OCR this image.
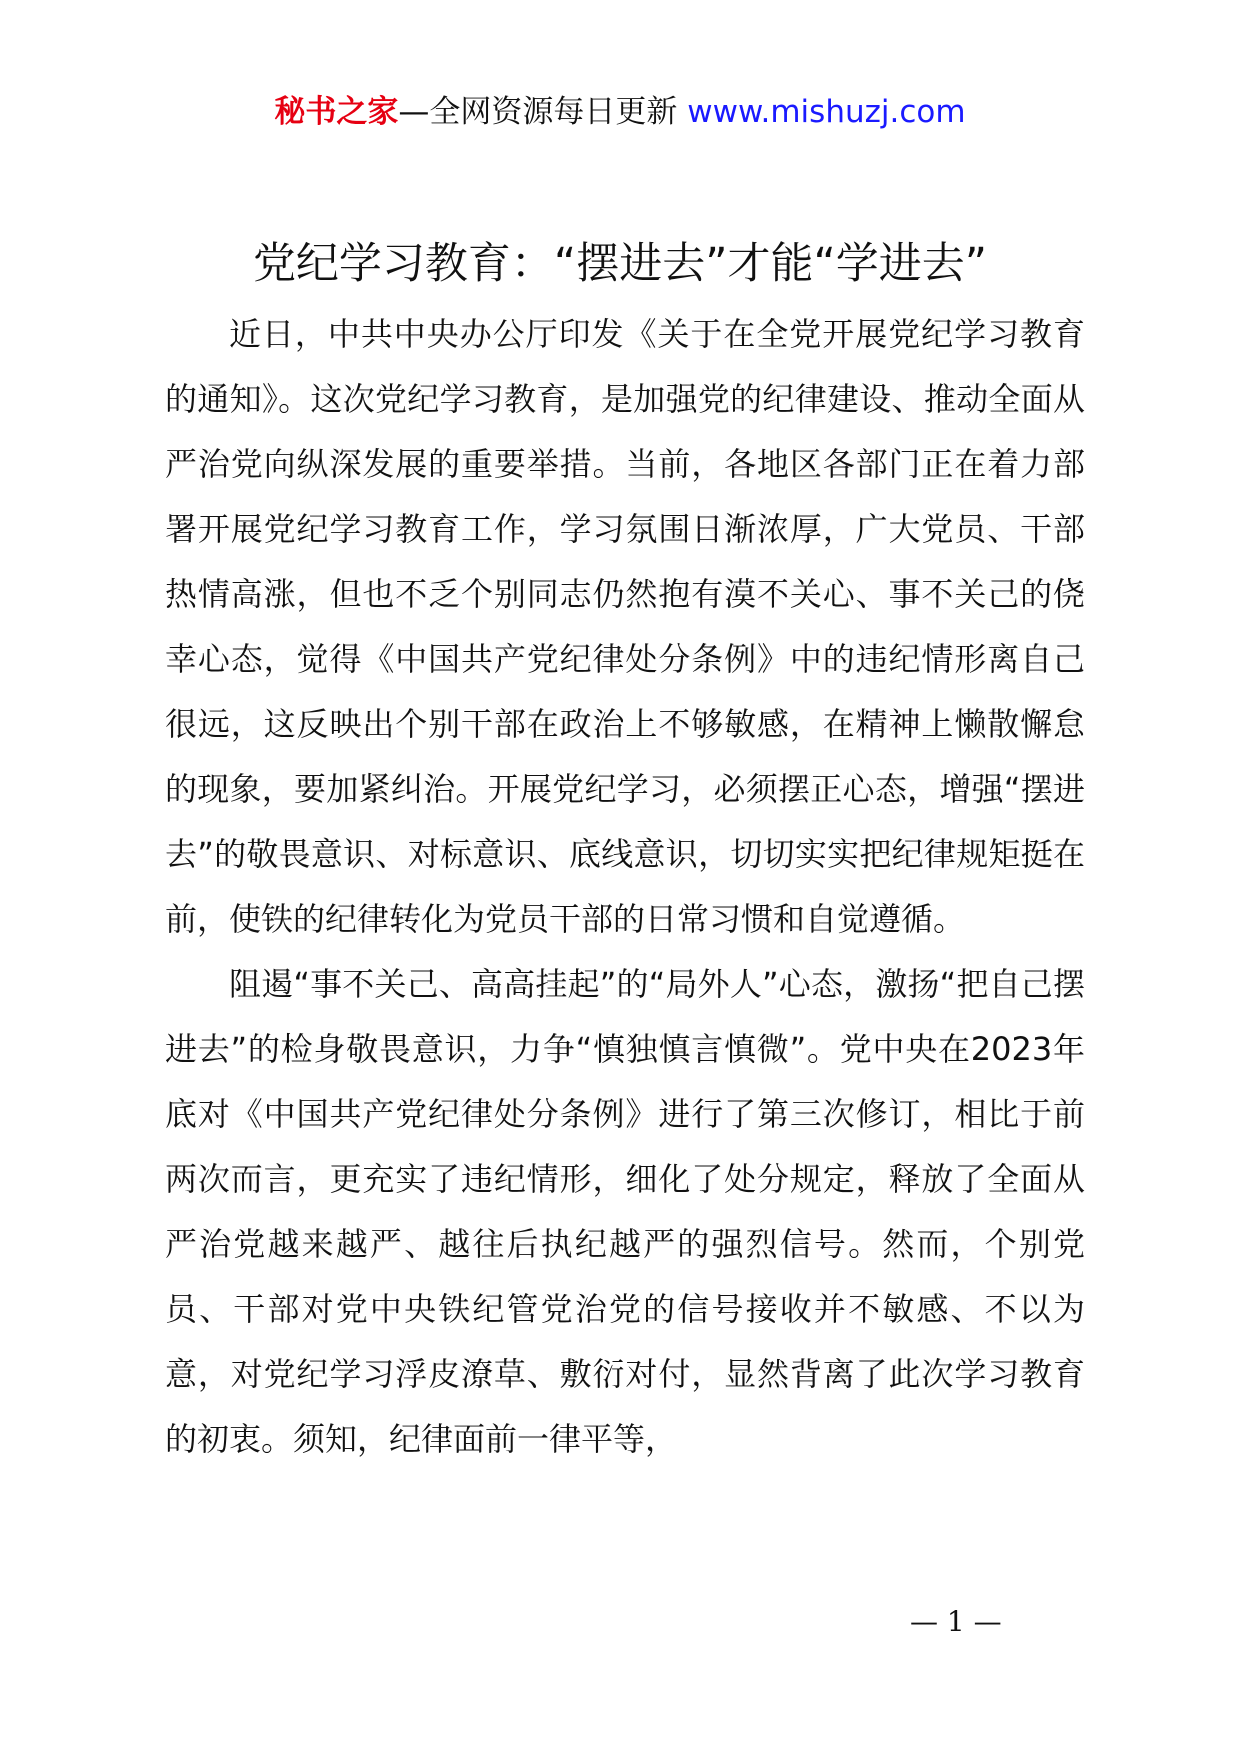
秘书之家—全网资源每日更新 www.mishuzj.com
党纪学习教育：“摆进去”才能“学进去”

近日，中共中央办公厅印发《关于在全党开展党纪学习教育的通知》。这次党纪学习教育，是加强党的纪律建设、推动全面从严治党向纵深发展的重要举措。当前，各地区各部门正在着力部署开展党纪学习教育工作，学习氛围日渐浓厚，广大党员、干部热情高涨，但也不乏个别同志仍然抱有漠不关心、事不关己的侥幸心态，觉得《中国共产党纪律处分条例》中的违纪情形离自己很远，这反映出个别干部在政治上不够敏感，在精神上懒散懈怠的现象，要加紧纠治。开展党纪学习，必须摆正心态，增强“摆进去”的敬畏意识、对标意识、底线意识，切切实实把纪律规矩挺在前，使铁的纪律转化为党员干部的日常习惯和自觉遵循。

阻遏“事不关己、高高挂起”的“局外人”心态，激扬“把自己摆进去”的检身敬畏意识，力争“慎独慎言慎微”。党中央在2023年底对《中国共产党纪律处分条例》进行了第三次修订，相比于前两次而言，更充实了违纪情形，细化了处分规定，释放了全面从严治党越来越严、越往后执纪越严的强烈信号。然而，个别党员、干部对党中央铁纪管党治党的信号接收并不敏感、不以为意，对党纪学习浮皮潦草、敷衍对付，显然背离了此次学习教育的初衷。须知，纪律面前一律平等，

— 1 —
